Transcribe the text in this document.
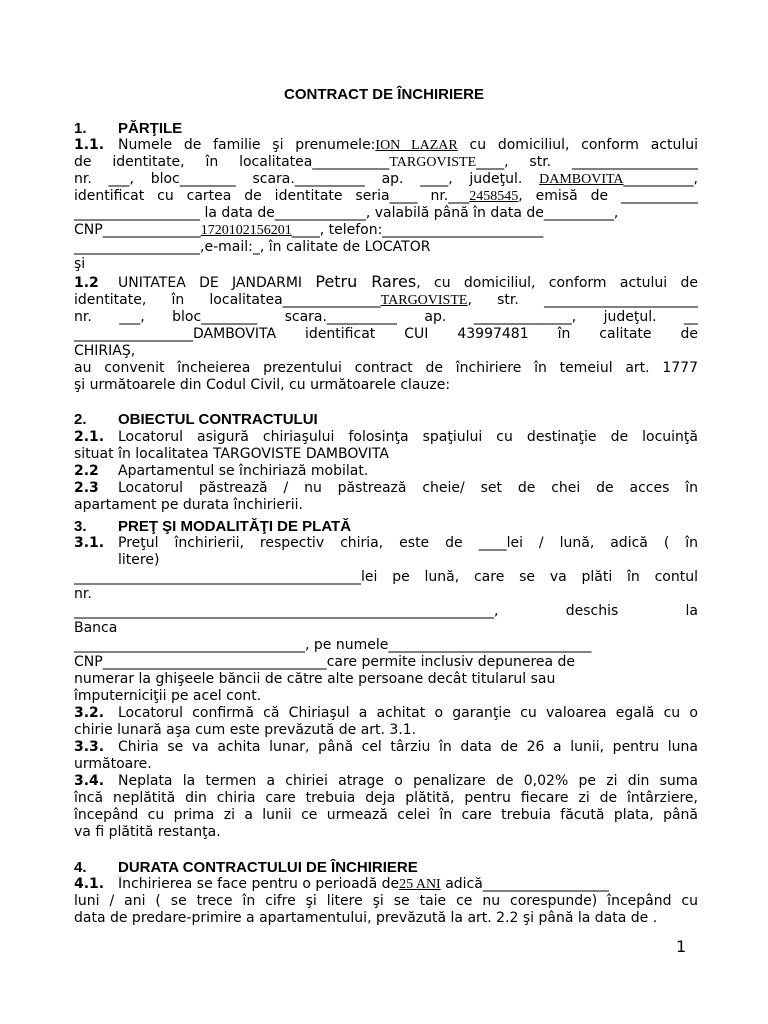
CONTRACT DE ÎNCHIRIERE
1. PĂRŢILE
1.1. Numele de familie şi prenumele:ION LAZAR cu domiciliul, conform actului
de identitate, în localitatea___________TARGOVISTE____, str. __________________
nr. ___, bloc________ scara.__________ ap. ____, judeţul. DAMBOVITA__________,
identificat cu cartea de identitate seria____ nr.___2458545, emisă de ___________
__________________ la data de_____________, valabilă până în data de__________,
CNP______________1720102156201____, telefon:_______________________
__________________,e-mail:_, în calitate de LOCATOR
şi
1.2 UNITATEA DE JANDARMI Petru Rares, cu domiciliul, conform actului de
identitate, în localitatea______________TARGOVISTE, str. ______________________
nr. ___, bloc________ scara.__________ ap. ______________, judeţul. __
_________________DAMBOVITA identificat CUI 43997481 în calitate de
CHIRIAŞ,
au convenit încheierea prezentului contract de închiriere în temeiul art. 1777
şi următoarele din Codul Civil, cu următoarele clauze:
2. OBIECTUL CONTRACTULUI
2.1. Locatorul asigură chiriaşului folosinţa spaţiului cu destinaţie de locuinţă
situat în localitatea TARGOVISTE DAMBOVITA
2.2 Apartamentul se închiriază mobilat.
2.3 Locatorul păstrează / nu păstrează cheie/ set de chei de acces în
apartament pe durata închirierii.
3. PREŢ ŞI MODALITĂŢI DE PLATĂ
3.1. Preţul închirierii, respectiv chiria, este de ____lei / lună, adică ( în
litere)
_________________________________________lei pe lună, care se va plăti în contul
nr.
____________________________________________________________, deschis la
Banca
_________________________________, pe numele_____________________________
CNP________________________________care permite inclusiv depunerea de
numerar la ghişeele băncii de către alte persoane decât titularul sau
împuterniciţii pe acel cont.
3.2. Locatorul confirmă că Chiriaşul a achitat o garanţie cu valoarea egală cu o
chirie lunară aşa cum este prevăzută de art. 3.1.
3.3. Chiria se va achita lunar, până cel târziu în data de 26 a lunii, pentru luna
următoare.
3.4. Neplata la termen a chiriei atrage o penalizare de 0,02% pe zi din suma
încă neplătită din chiria care trebuia deja plătită, pentru fiecare zi de întârziere,
începând cu prima zi a lunii ce urmează celei în care trebuia făcută plata, până
va fi plătită restanţa.
4. DURATA CONTRACTULUI DE ÎNCHIRIERE
4.1. Închirierea se face pentru o perioadă de25 ANI adică__________________
luni / ani ( se trece în cifre şi litere şi se taie ce nu corespunde) începând cu
data de predare-primire a apartamentului, prevăzută la art. 2.2 şi până la data de .
1
